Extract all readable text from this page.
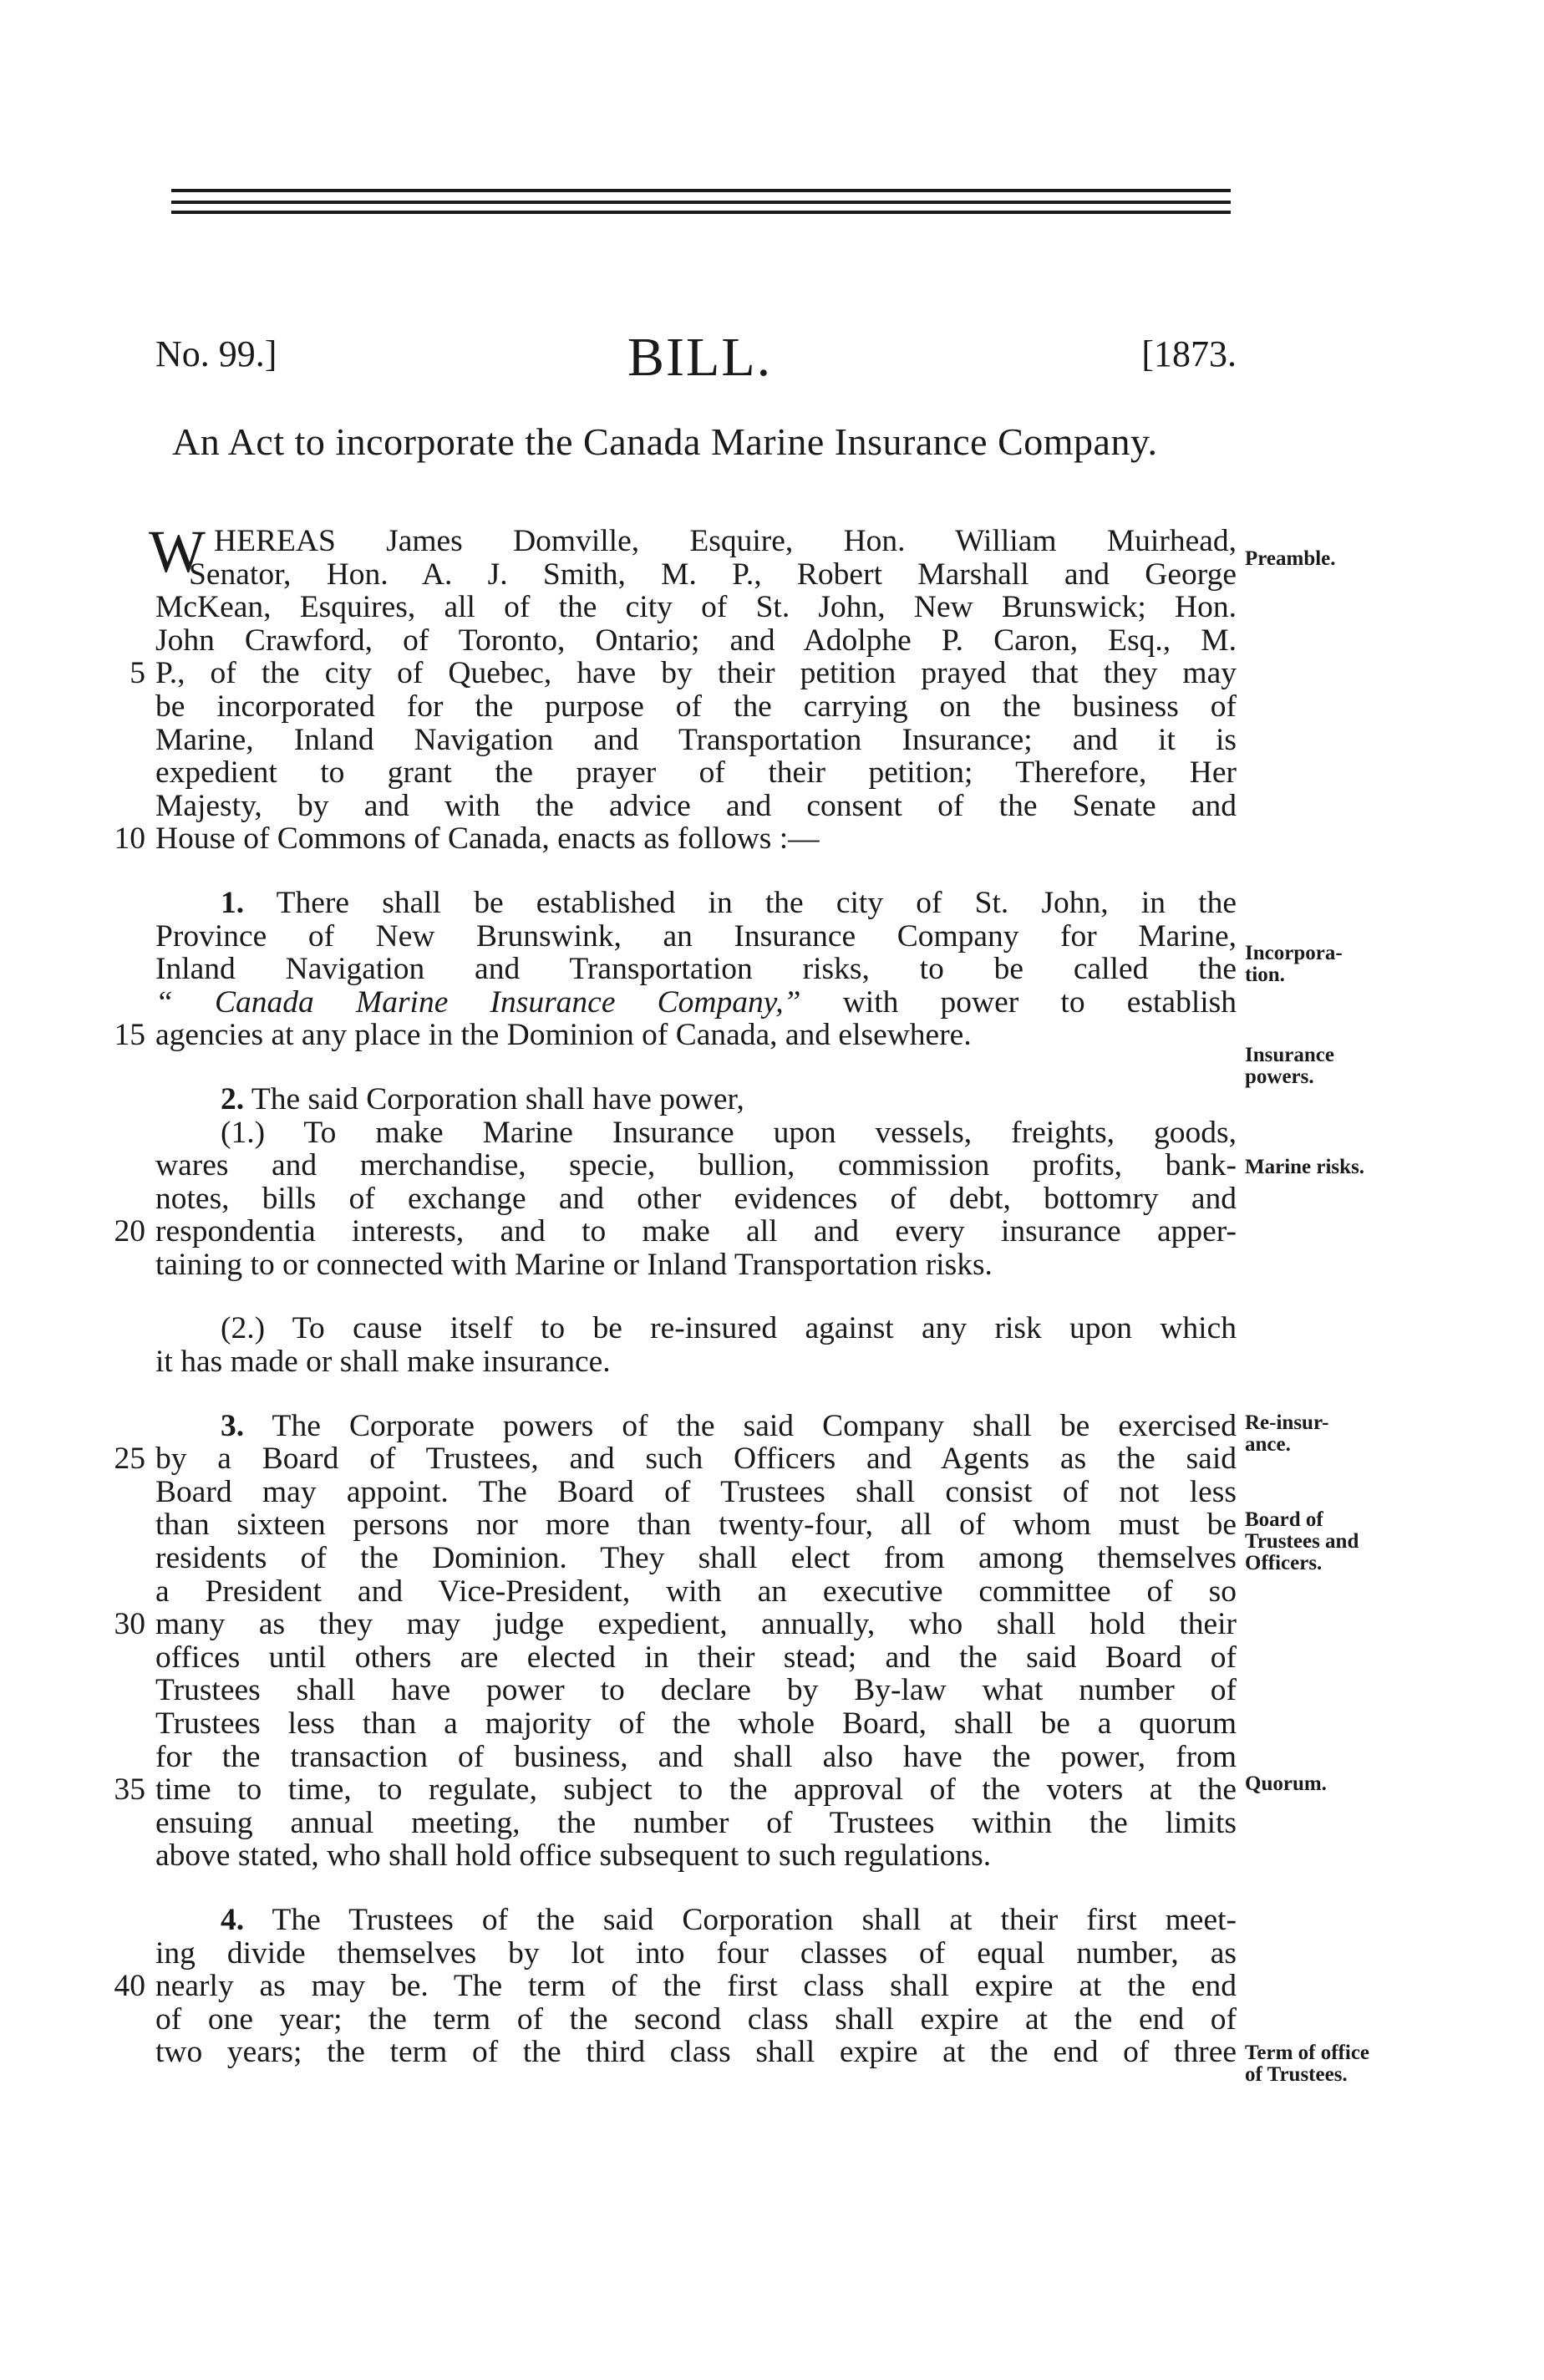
No. 99.]	BILL.	[1873.
An Act to incorporate the Canada Marine Insurance Company.
W HEREAS James Domville, Esquire, Hon. William Muirhead,
Senator, Hon. A. J. Smith, M. P., Robert Marshall and George
McKean, Esquires, all of the city of St. John, New Brunswick; Hon.
John Crawford, of Toronto, Ontario; and Adolphe P. Caron, Esq., M.
5 P., of the city of Quebec, have by their petition prayed that they may
be incorporated for the purpose of the carrying on the business of
Marine, Inland Navigation and Transportation Insurance; and it is
expedient to grant the prayer of their petition; Therefore, Her
Majesty, by and with the advice and consent of the Senate and
10 House of Commons of Canada, enacts as follows :—
1. There shall be established in the city of St. John, in the
Province of New Brunswink, an Insurance Company for Marine,
Inland Navigation and Transportation risks, to be called the
“ Canada Marine Insurance Company,” with power to establish
15 agencies at any place in the Dominion of Canada, and elsewhere.
2. The said Corporation shall have power,
(1.) To make Marine Insurance upon vessels, freights, goods,
wares and merchandise, specie, bullion, commission profits, bank-
notes, bills of exchange and other evidences of debt, bottomry and
20 respondentia interests, and to make all and every insurance apper-
taining to or connected with Marine or Inland Transportation risks.
(2.) To cause itself to be re-insured against any risk upon which
it has made or shall make insurance.
3. The Corporate powers of the said Company shall be exercised
25 by a Board of Trustees, and such Officers and Agents as the said
Board may appoint. The Board of Trustees shall consist of not less
than sixteen persons nor more than twenty-four, all of whom must be
residents of the Dominion. They shall elect from among themselves
a President and Vice-President, with an executive committee of so
30 many as they may judge expedient, annually, who shall hold their
offices until others are elected in their stead; and the said Board of
Trustees shall have power to declare by By-law what number of
Trustees less than a majority of the whole Board, shall be a quorum
for the transaction of business, and shall also have the power, from
35 time to time, to regulate, subject to the approval of the voters at the
ensuing annual meeting, the number of Trustees within the limits
above stated, who shall hold office subsequent to such regulations.
4. The Trustees of the said Corporation shall at their first meet-
ing divide themselves by lot into four classes of equal number, as
40 nearly as may be. The term of the first class shall expire at the end
of one year; the term of the second class shall expire at the end of
two years; the term of the third class shall expire at the end of three
Preamble.
Incorpora-
tion.
Insurance
powers.
Marine risks.
Re-insur-
ance.
Board of
Trustees and
Officers.
Quorum.
Term of office
of Trustees.
